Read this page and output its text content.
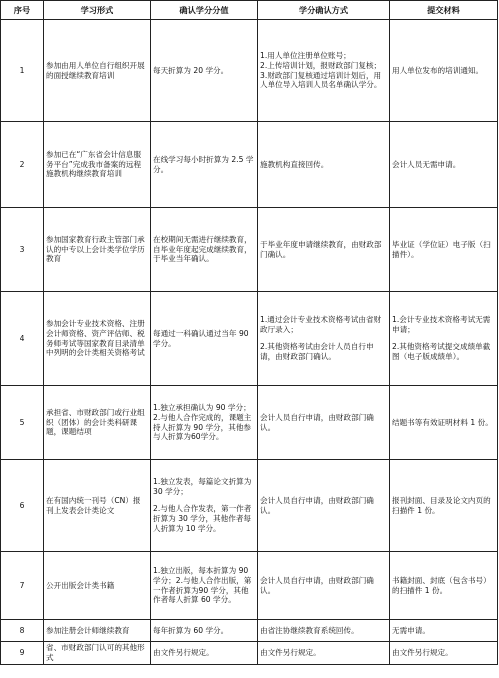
序号	学习形式	确认学分分值	学分确认方式	提交材料
1	参加由用人单位自行组织开展的面授继续教育培训	每天折算为 20 学分。	1.用人单位注册单位账号；
2.上传培训计划，报财政部门复核；
3.财政部门复核通过培训计划后，用人单位导入培训人员名单确认学分。	用人单位发布的培训通知。

2	参加已在“广东省会计信息服务平台”完成我市备案的远程施教机构继续教育培训	在线学习每小时折算为 2.5 学分。	施教机构直接回传。	会计人员无需申请。

3	参加国家教育行政主管部门承认的中专以上会计类学位学历教育	在校期间无需进行继续教育，自毕业年度起完成继续教育，于毕业当年确认。	于毕业年度申请继续教育，由财政部门确认。	毕业证（学位证）电子版（扫描件）。

4	参加会计专业技术资格、注册会计师资格、资产评估师、税务师考试等国家教育目录清单中列明的会计类相关资格考试	每通过一科确认通过当年 90 学分。	1.通过会计专业技术资格考试由省财政厅录入；
2.其他资格考试由会计人员自行申请，由财政部门确认。	1.会计专业技术资格考试无需申请；
2.其他资格考试提交成绩单截图（电子版成绩单）。

5	承担省、市财政部门或行业组织（团体）的会计类科研课题，课题结项	1.独立承担确认为 90 学分；
2.与他人合作完成的，课题主持人折算为 90 学分，其他参与人折算为60学分。	会计人员自行申请，由财政部门确认。	结题书等有效证明材料 1 份。

6	在有国内统一刊号（CN）报刊上发表会计类论文	1.独立发表，每篇论文折算为 30 学分；
2.与他人合作发表，第一作者折算为 30 学分，其他作者每人折算为 10 学分。	会计人员自行申请，由财政部门确认。	报刊封面、目录及论文内页的扫描件 1 份。

7	公开出版会计类书籍	1.独立出版，每本折算为 90 学分；2.与他人合作出版，第一作者折算为90 学分，其他作者每人折算 60 学分。	会计人员自行申请，由财政部门确认。	书籍封面、封底（包含书号）的扫描件 1 份。

8	参加注册会计师继续教育	每年折算为 60 学分。	由省注协继续教育系统回传。	无需申请。

9	省、市财政部门认可的其他形式	由文件另行规定。	由文件另行规定。	由文件另行规定。
